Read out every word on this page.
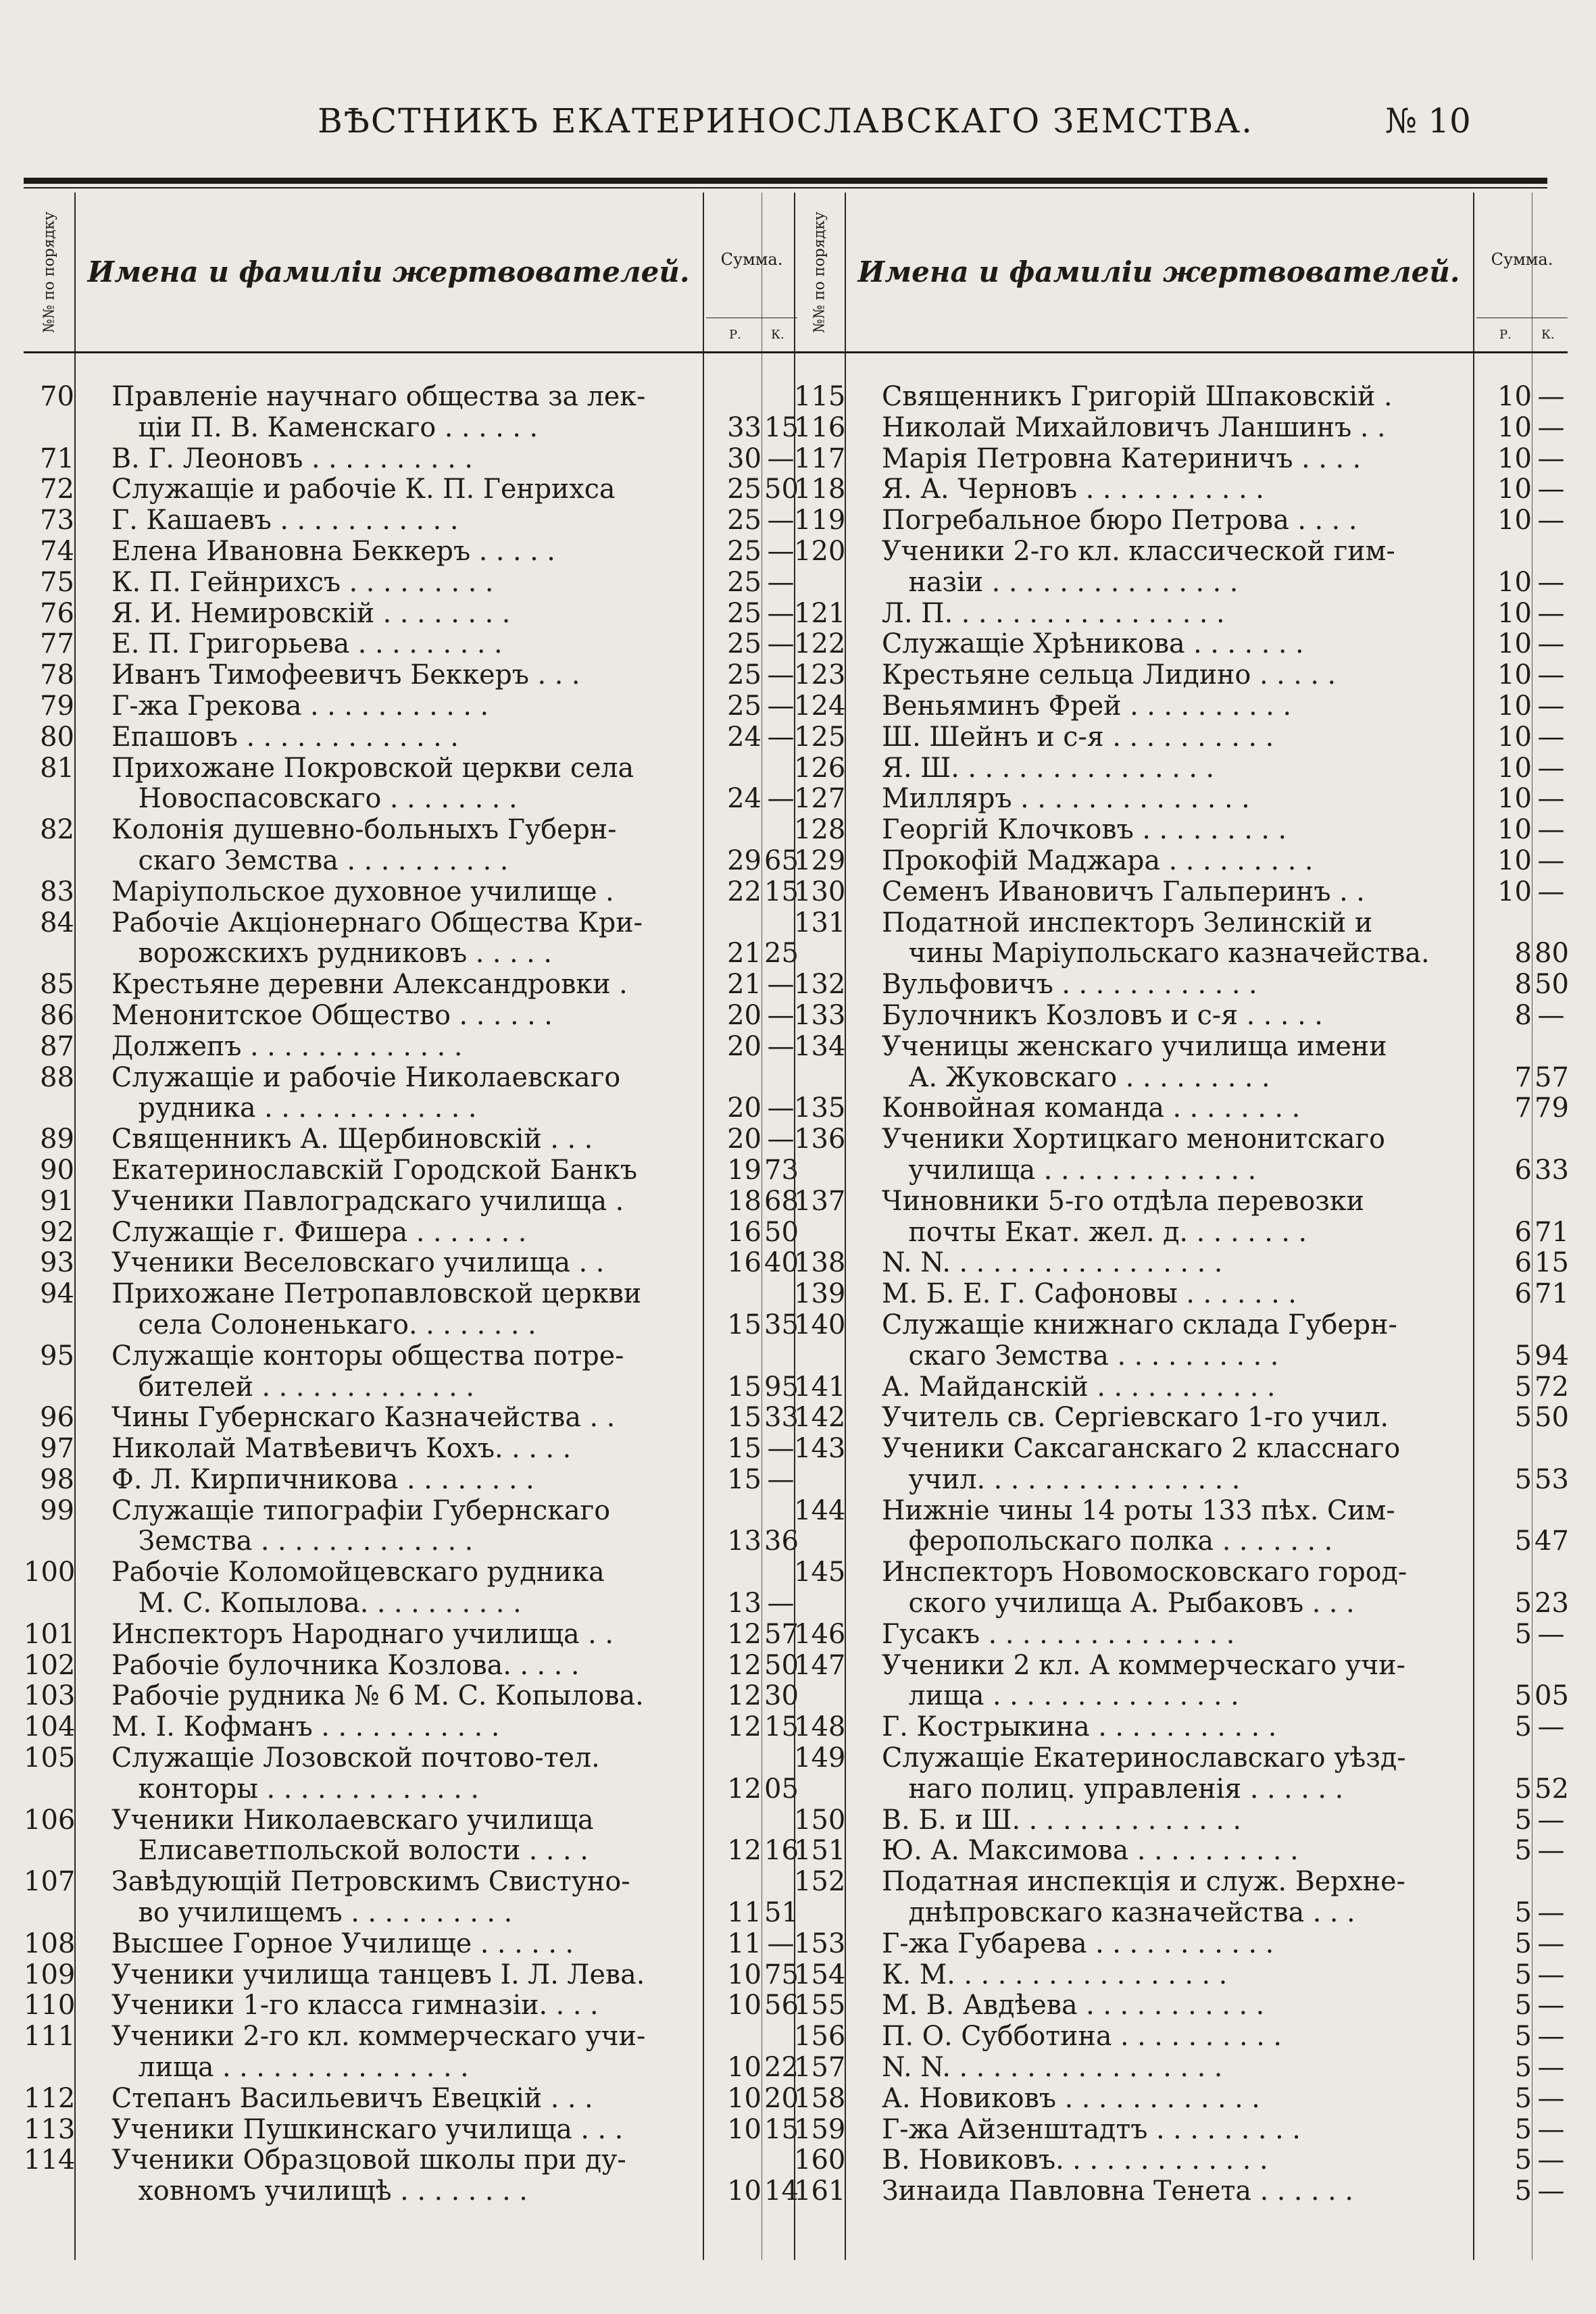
ВѢСТНИКЪ ЕКАТЕРИНОСЛАВСКАГО ЗЕМСТВА.	№ 10
№№ по порядку	Имена и фамиліи жертвователей.	Сумма.
Р. К.
70 Правленіе научнаго общества за лек-
ціи П. В. Каменскаго . . . . . .	33 15
71 В. Г. Леоновъ . . . . . . . . . .	30 —
72 Служащіе и рабочіе К. П. Генрихса	25 50
73 Г. Кашаевъ . . . . . . . . . . .	25 —
74 Елена Ивановна Беккеръ . . . . .	25 —
75 К. П. Гейнрихсъ . . . . . . . . .	25 —
76 Я. И. Немировскій . . . . . . . .	25 —
77 Е. П. Григорьева . . . . . . . . .	25 —
78 Иванъ Тимофеевичъ Беккеръ . . .	25 —
79 Г-жа Грекова . . . . . . . . . . .	25 —
80 Епашовъ . . . . . . . . . . . . .	24 —
81 Прихожане Покровской церкви села
Новоспасовскаго . . . . . . . .	24 —
82 Колонія душевно-больныхъ Губерн-
скаго Земства . . . . . . . . . .	29 65
83 Маріупольское духовное училище .	22 15
84 Рабочіе Акціонернаго Общества Кри-
ворожскихъ рудниковъ . . . . .	21 25
85 Крестьяне деревни Александровки .	21 —
86 Менонитское Общество . . . . . .	20 —
87 Должепъ . . . . . . . . . . . . .	20 —
88 Служащіе и рабочіе Николаевскаго
рудника . . . . . . . . . . . . .	20 —
89 Священникъ А. Щербиновскій . . .	20 —
90 Екатеринославскій Городской Банкъ	19 73
91 Ученики Павлоградскаго училища .	18 68
92 Служащіе г. Фишера . . . . . . .	16 50
93 Ученики Веселовскаго училища . .	16 40
94 Прихожане Петропавловской церкви
села Солоненькаго. . . . . . . .	15 35
95 Служащіе конторы общества потре-
бителей . . . . . . . . . . . . .	15 95
96 Чины Губернскаго Казначейства . .	15 33
97 Николай Матвѣевичъ Кохъ. . . . .	15 —
98 Ф. Л. Кирпичникова . . . . . . . .	15 —
99 Служащіе типографіи Губернскаго
Земства . . . . . . . . . . . . .	13 36
100 Рабочіе Коломойцевскаго рудника
М. С. Копылова. . . . . . . . . .	13 —
101 Инспекторъ Народнаго училища . .	12 57
102 Рабочіе булочника Козлова. . . . .	12 50
103 Рабочіе рудника № 6 М. С. Копылова.	12 30
104 М. І. Кофманъ . . . . . . . . . . .	12 15
105 Служащіе Лозовской почтово-тел.
конторы . . . . . . . . . . . . .	12 05
106 Ученики Николаевскаго училища
Елисаветпольской волости . . . .	12 16
107 Завѣдующій Петровскимъ Свистуно-
во училищемъ . . . . . . . . . .	11 51
108 Высшее Горное Училище . . . . . .	11 —
109 Ученики училища танцевъ І. Л. Лева.	10 75
110 Ученики 1-го класса гимназіи. . . .	10 56
111 Ученики 2-го кл. коммерческаго учи-
лища . . . . . . . . . . . . . . .	10 22
112 Степанъ Васильевичъ Евецкій . . .	10 20
113 Ученики Пушкинскаго училища . . .	10 15
114 Ученики Образцовой школы при ду-
ховномъ училищѣ . . . . . . . .	10 14
№№ по порядку	Имена и фамиліи жертвователей.	Сумма.
Р. К.
115 Священникъ Григорій Шпаковскій .	10 —
116 Николай Михайловичъ Ланшинъ . .	10 —
117 Марія Петровна Катериничъ . . . .	10 —
118 Я. А. Черновъ . . . . . . . . . . .	10 —
119 Погребальное бюро Петрова . . . .	10 —
120 Ученики 2-го кл. классической гим-
назіи . . . . . . . . . . . . . . .	10 —
121 Л. П. . . . . . . . . . . . . . . . .	10 —
122 Служащіе Хрѣникова . . . . . . .	10 —
123 Крестьяне сельца Лидино . . . . .	10 —
124 Веньяминъ Фрей . . . . . . . . . .	10 —
125 Ш. Шейнъ и с-я . . . . . . . . . .	10 —
126 Я. Ш. . . . . . . . . . . . . . . .	10 —
127 Милляръ . . . . . . . . . . . . . .	10 —
128 Георгій Клочковъ . . . . . . . . .	10 —
129 Прокофій Маджара . . . . . . . . .	10 —
130 Семенъ Ивановичъ Гальперинъ . .	10 —
131 Податной инспекторъ Зелинскій и
чины Маріупольскаго казначейства.	8 80
132 Вульфовичъ . . . . . . . . . . . .	8 50
133 Булочникъ Козловъ и с-я . . . . .	8 —
134 Ученицы женскаго училища имени
А. Жуковскаго . . . . . . . . .	7 57
135 Конвойная команда . . . . . . . .	7 79
136 Ученики Хортицкаго менонитскаго
училища . . . . . . . . . . . . .	6 33
137 Чиновники 5-го отдѣла перевозки
почты Екат. жел. д. . . . . . . .	6 71
138 N. N. . . . . . . . . . . . . . . . .	6 15
139 М. Б. Е. Г. Сафоновы . . . . . . .	6 71
140 Служащіе книжнаго склада Губерн-
скаго Земства . . . . . . . . . .	5 94
141 А. Майданскій . . . . . . . . . . .	5 72
142 Учитель св. Сергіевскаго 1-го учил.	5 50
143 Ученики Саксаганскаго 2 класснаго
учил. . . . . . . . . . . . . . . .	5 53
144 Нижніе чины 14 роты 133 пѣх. Сим-
феропольскаго полка . . . . . . .	5 47
145 Инспекторъ Новомосковскаго город-
ского училища А. Рыбаковъ . . .	5 23
146 Гусакъ . . . . . . . . . . . . . . .	5 —
147 Ученики 2 кл. А коммерческаго учи-
лища . . . . . . . . . . . . . . .	5 05
148 Г. Кострыкина . . . . . . . . . . .	5 —
149 Служащіе Екатеринославскаго уѣзд-
наго полиц. управленія . . . . . .	5 52
150 В. Б. и Ш. . . . . . . . . . . . . .	5 —
151 Ю. А. Максимова . . . . . . . . . .	5 —
152 Податная инспекція и служ. Верхне-
днѣпровскаго казначейства . . .	5 —
153 Г-жа Губарева . . . . . . . . . . .	5 —
154 К. М. . . . . . . . . . . . . . . . .	5 —
155 М. В. Авдѣева . . . . . . . . . . .	5 —
156 П. О. Субботина . . . . . . . . . .	5 —
157 N. N. . . . . . . . . . . . . . . . .	5 —
158 А. Новиковъ . . . . . . . . . . . .	5 —
159 Г-жа Айзенштадтъ . . . . . . . . .	5 —
160 В. Новиковъ. . . . . . . . . . . . .	5 —
161 Зинаида Павловна Тенета . . . . . .	5 —
